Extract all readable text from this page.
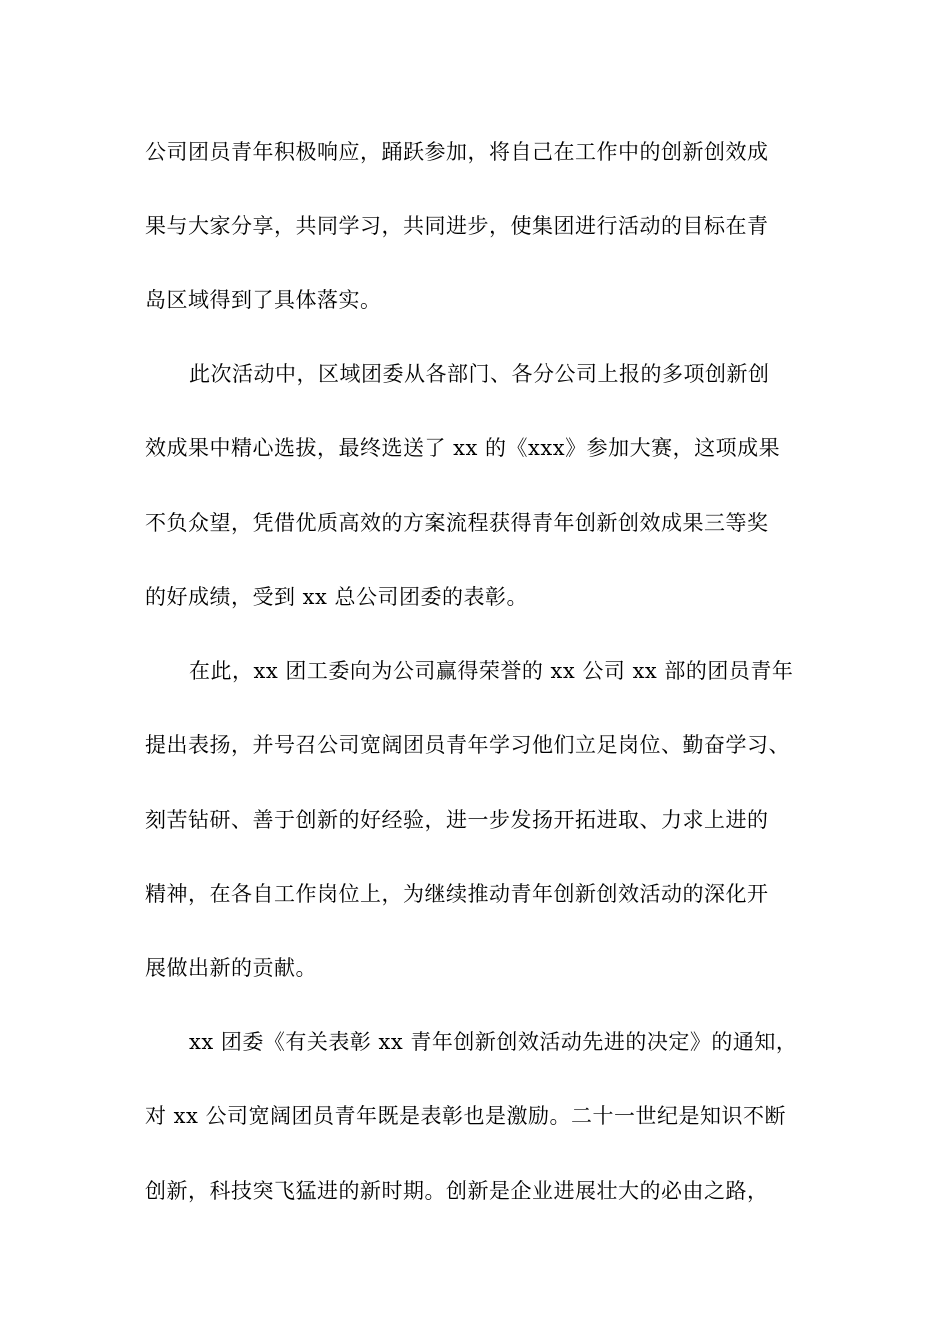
公司团员青年积极响应，踊跃参加，将自己在工作中的创新创效成
果与大家分享，共同学习，共同进步，使集团进行活动的目标在青
岛区域得到了具体落实。
此次活动中，区域团委从各部门、各分公司上报的多项创新创
效成果中精心选拔，最终选送了 xx 的《xxx》参加大赛，这项成果
不负众望，凭借优质高效的方案流程获得青年创新创效成果三等奖
的好成绩，受到 xx 总公司团委的表彰。
在此，xx 团工委向为公司赢得荣誉的 xx 公司 xx 部的团员青年
提出表扬，并号召公司宽阔团员青年学习他们立足岗位、勤奋学习、
刻苦钻研、善于创新的好经验，进一步发扬开拓进取、力求上进的
精神，在各自工作岗位上，为继续推动青年创新创效活动的深化开
展做出新的贡献。
xx 团委《有关表彰 xx 青年创新创效活动先进的决定》的通知，
对 xx 公司宽阔团员青年既是表彰也是激励。二十一世纪是知识不断
创新，科技突飞猛进的新时期。创新是企业进展壮大的必由之路，
